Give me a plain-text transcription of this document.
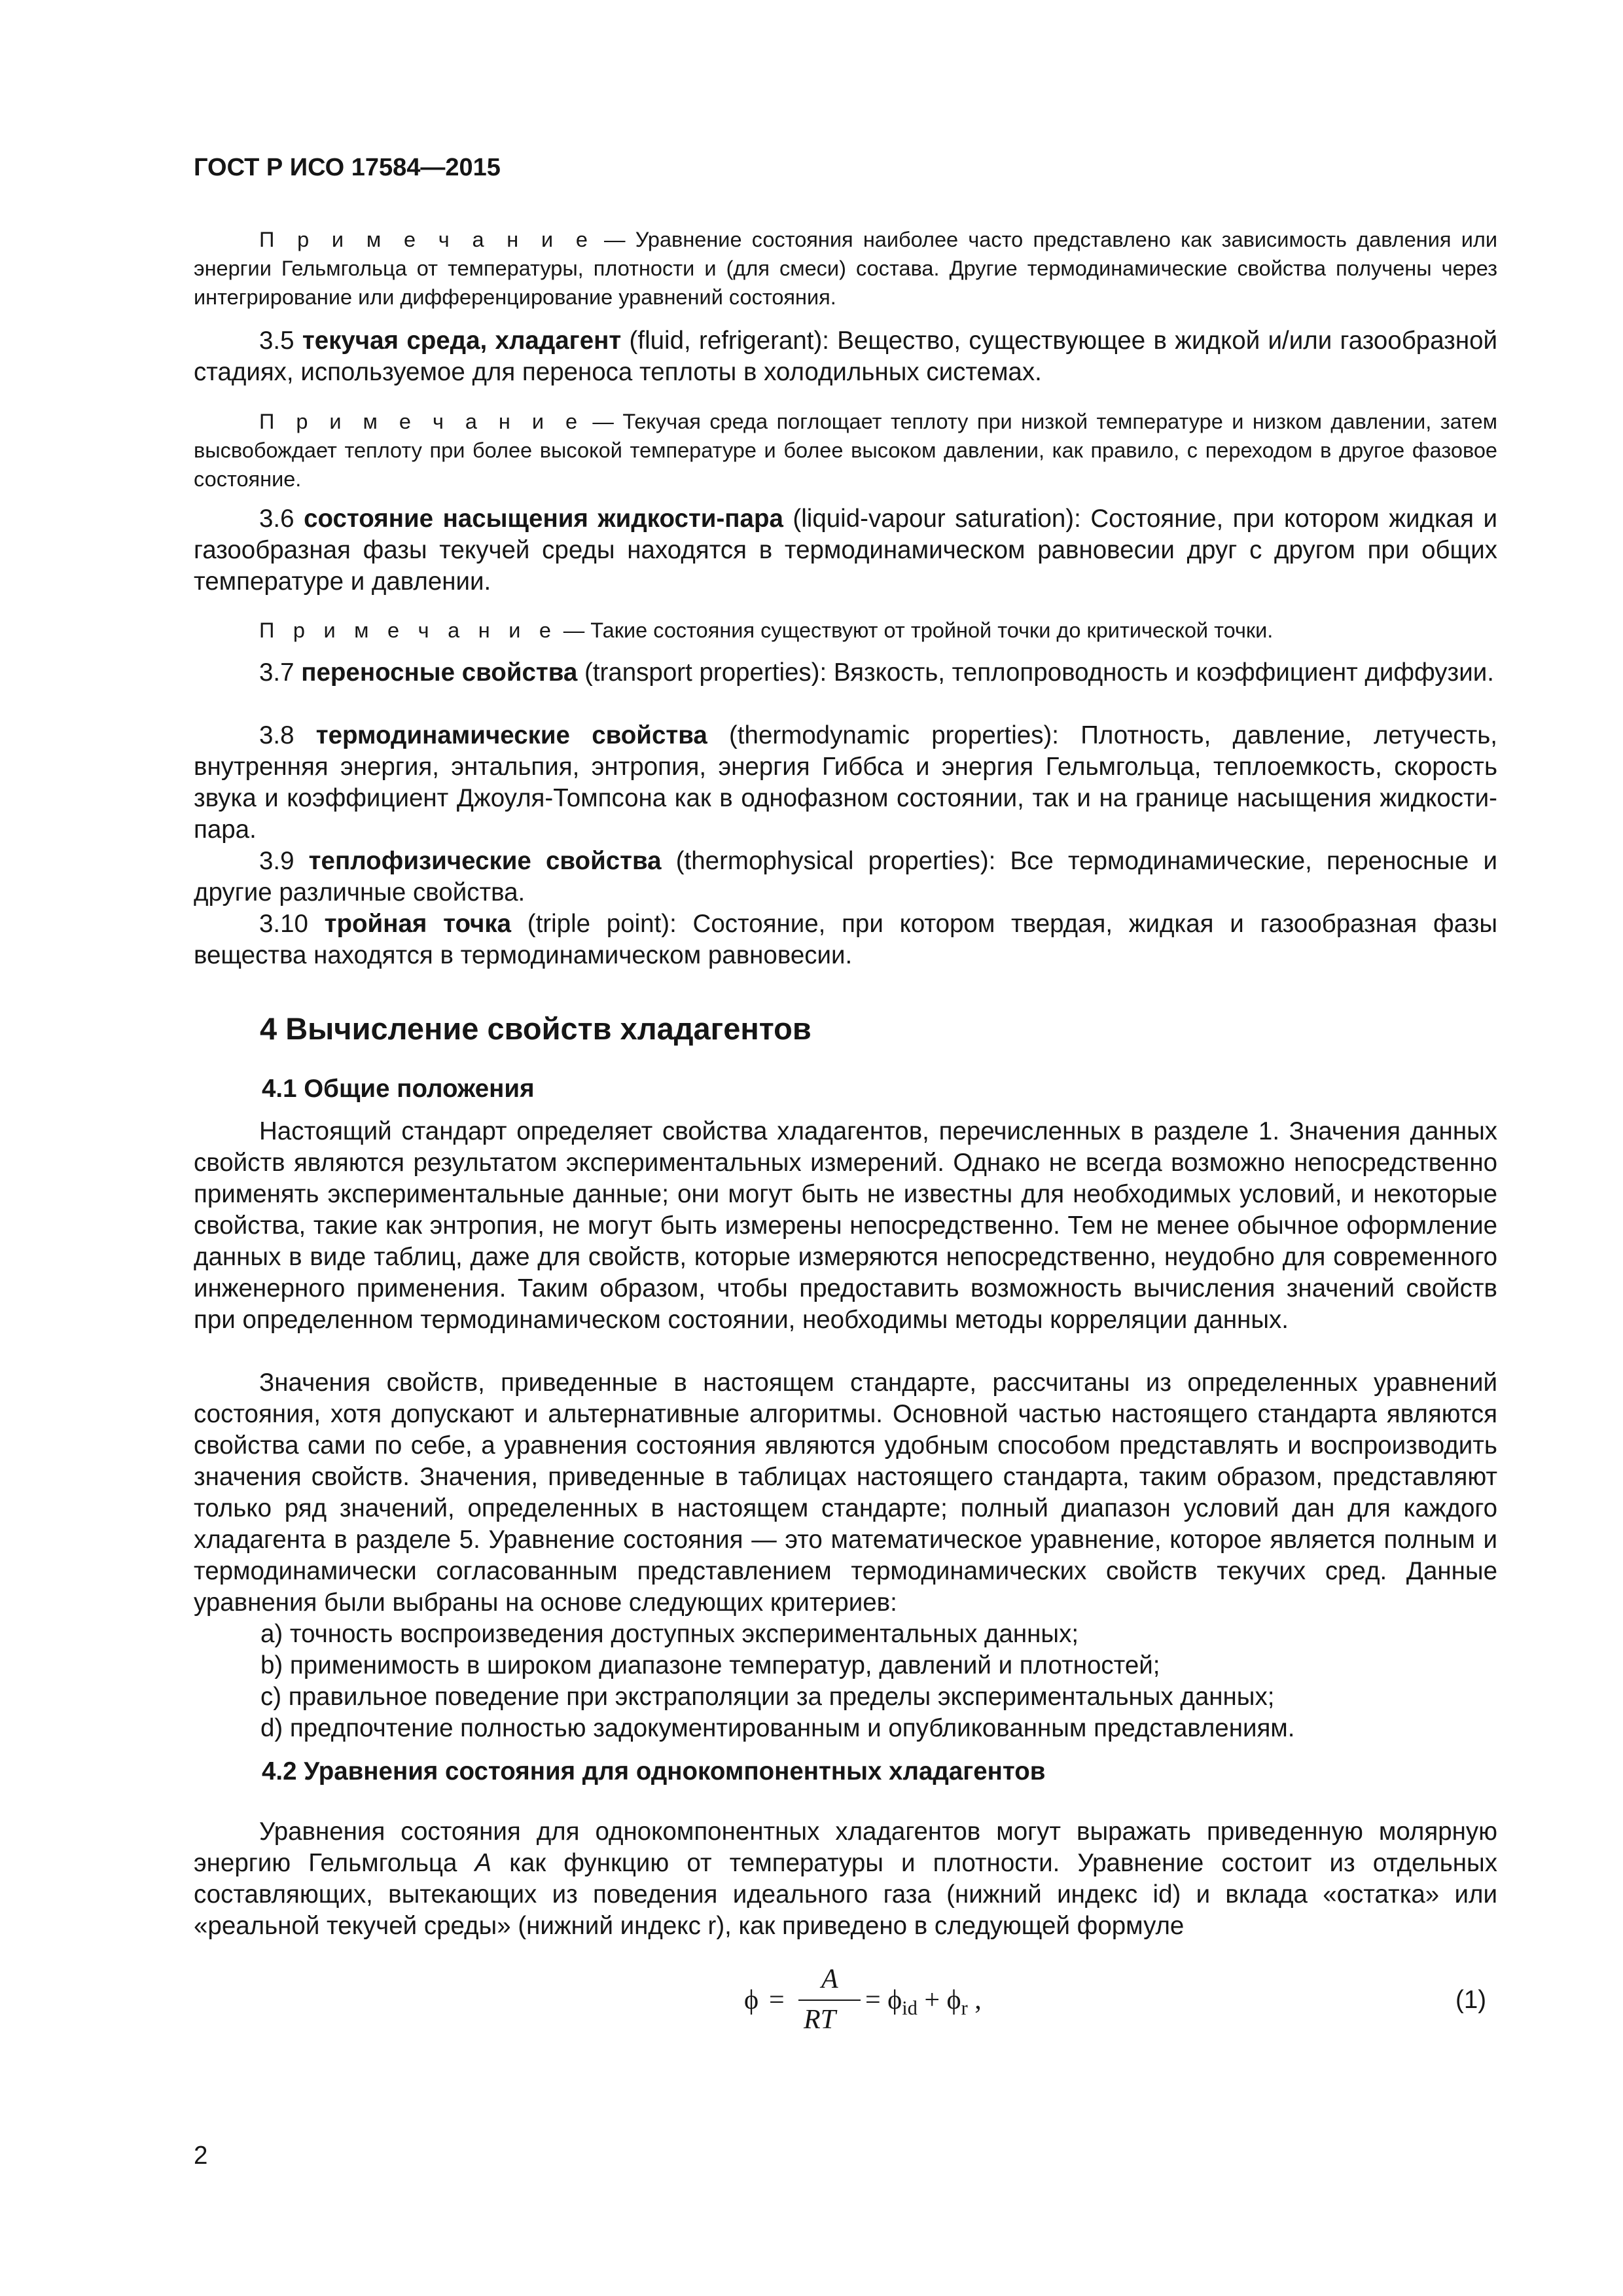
ГОСТ Р ИСО 17584—2015

П р и м е ч а н и е — Уравнение состояния наиболее часто представлено как зависимость давления или энергии Гельмгольца от температуры, плотности и (для смеси) состава. Другие термодинамические свойства получены через интегрирование или дифференцирование уравнений состояния.

3.5 текучая среда, хладагент (fluid, refrigerant): Вещество, существующее в жидкой и/или газообразной стадиях, используемое для переноса теплоты в холодильных системах.

П р и м е ч а н и е — Текучая среда поглощает теплоту при низкой температуре и низком давлении, затем высвобождает теплоту при более высокой температуре и более высоком давлении, как правило, с переходом в другое фазовое состояние.

3.6 состояние насыщения жидкости-пара (liquid-vapour saturation): Состояние, при котором жидкая и газообразная фазы текучей среды находятся в термодинамическом равновесии друг с другом при общих температуре и давлении.

П р и м е ч а н и е — Такие состояния существуют от тройной точки до критической точки.

3.7 переносные свойства (transport properties): Вязкость, теплопроводность и коэффициент диффузии.

3.8 термодинамические свойства (thermodynamic properties): Плотность, давление, летучесть, внутренняя энергия, энтальпия, энтропия, энергия Гиббса и энергия Гельмгольца, теплоемкость, скорость звука и коэффициент Джоуля-Томпсона как в однофазном состоянии, так и на границе насыщения жидкости-пара.

3.9 теплофизические свойства (thermophysical properties): Все термодинамические, переносные и другие различные свойства.

3.10 тройная точка (triple point): Состояние, при котором твердая, жидкая и газообразная фазы вещества находятся в термодинамическом равновесии.

4 Вычисление свойств хладагентов
4.1 Общие положения

Настоящий стандарт определяет свойства хладагентов, перечисленных в разделе 1. Значения данных свойств являются результатом экспериментальных измерений. Однако не всегда возможно непосредственно применять экспериментальные данные; они могут быть не известны для необходимых условий, и некоторые свойства, такие как энтропия, не могут быть измерены непосредственно. Тем не менее обычное оформление данных в виде таблиц, даже для свойств, которые измеряются непосредственно, неудобно для современного инженерного применения. Таким образом, чтобы предоставить возможность вычисления значений свойств при определенном термодинамическом состоянии, необходимы методы корреляции данных.

Значения свойств, приведенные в настоящем стандарте, рассчитаны из определенных уравнений состояния, хотя допускают и альтернативные алгоритмы. Основной частью настоящего стандарта являются свойства сами по себе, а уравнения состояния являются удобным способом представлять и воспроизводить значения свойств. Значения, приведенные в таблицах настоящего стандарта, таким образом, представляют только ряд значений, определенных в настоящем стандарте; полный диапазон условий дан для каждого хладагента в разделе 5. Уравнение состояния — это математическое уравнение, которое является полным и термодинамически согласованным представлением термодинамических свойств текучих сред. Данные уравнения были выбраны на основе следующих критериев:

a) точность воспроизведения доступных экспериментальных данных;
b) применимость в широком диапазоне температур, давлений и плотностей;
c) правильное поведение при экстраполяции за пределы экспериментальных данных;
d) предпочтение полностью задокументированным и опубликованным представлениям.
4.2 Уравнения состояния для однокомпонентных хладагентов

Уравнения состояния для однокомпонентных хладагентов могут выражать приведенную молярную энергию Гельмгольца A как функцию от температуры и плотности. Уравнение состоит из отдельных составляющих, вытекающих из поведения идеального газа (нижний индекс id) и вклада «остатка» или «реальной текучей среды» (нижний индекс r), как приведено в следующей формуле

ϕ =
A
RT
= $\phi_{id} + \phi_r$ ,	(1)
2
